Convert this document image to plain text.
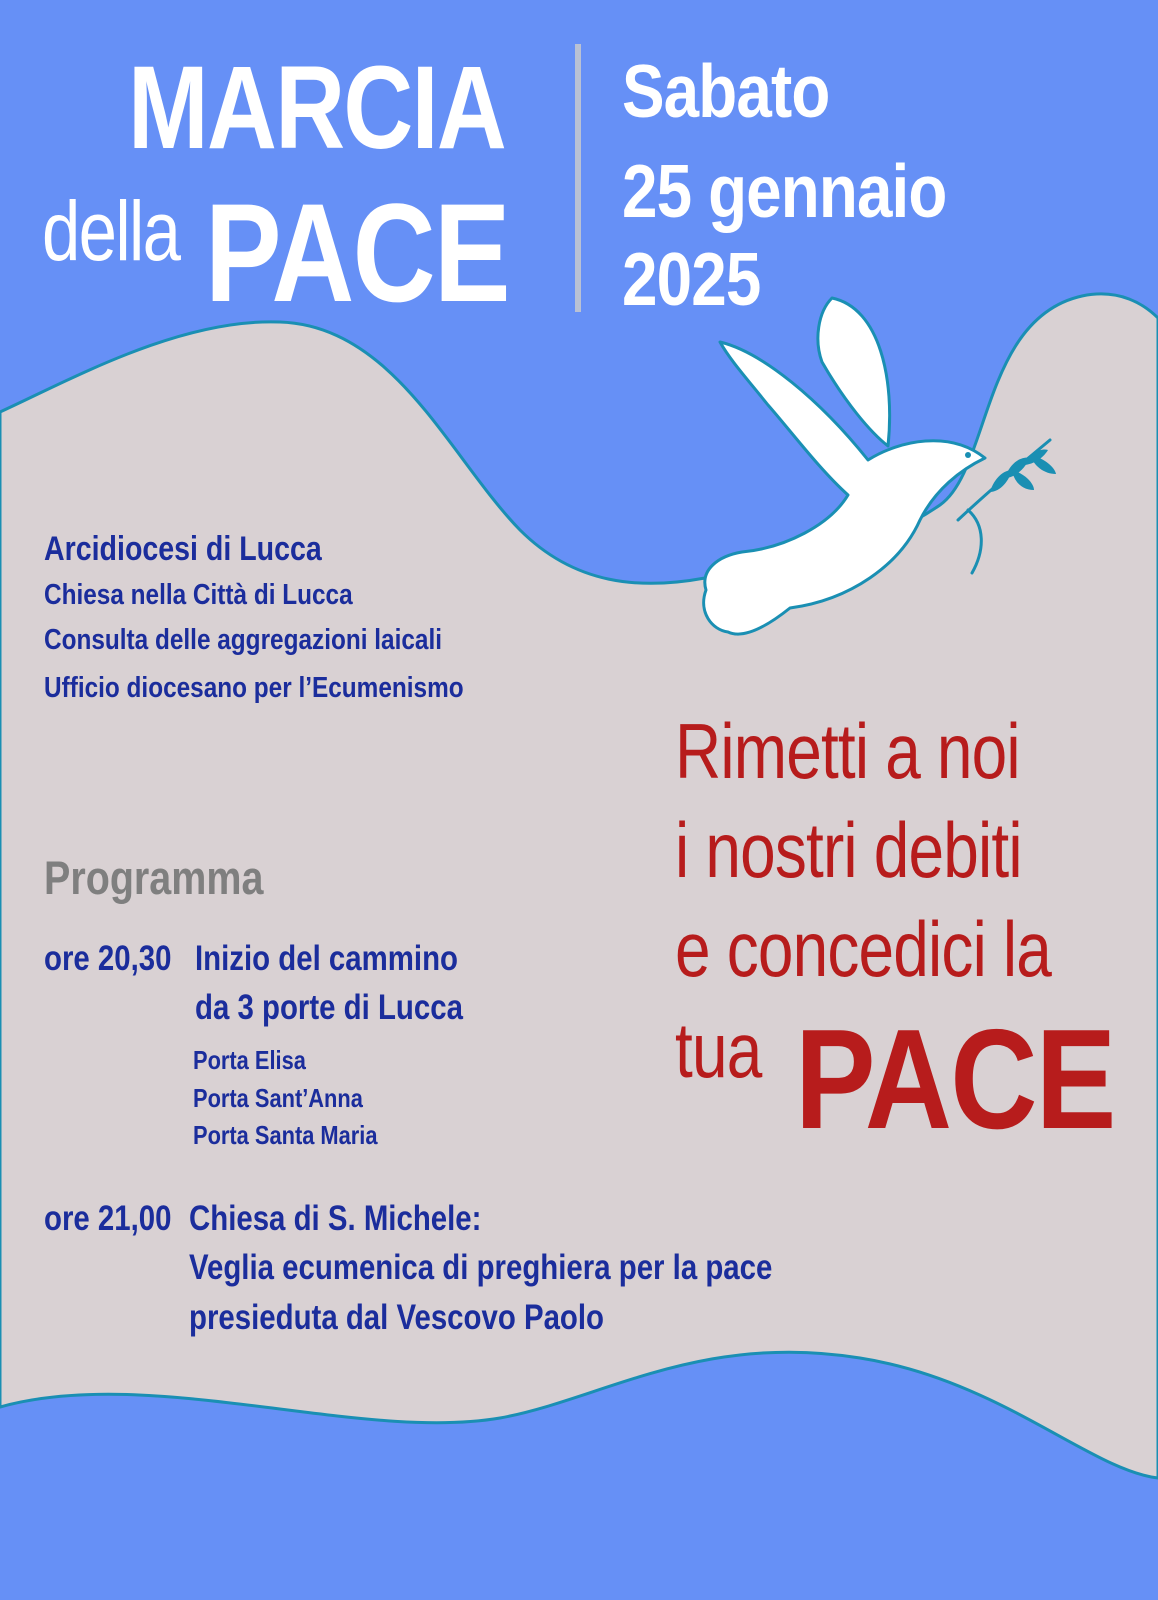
MARCIA
della PACE
Sabato
25 gennaio
2025
Arcidiocesi di Lucca
Chiesa nella Città di Lucca
Consulta delle aggregazioni laicali
Ufficio diocesano per l’Ecumenismo
Programma
ore 20,30 Inizio del cammino
da 3 porte di Lucca
Porta Elisa
Porta Sant’Anna
Porta Santa Maria
ore 21,00 Chiesa di S. Michele:
Veglia ecumenica di preghiera per la pace
presieduta dal Vescovo Paolo
Rimetti a noi
i nostri debiti
e concedici la
tua PACE
